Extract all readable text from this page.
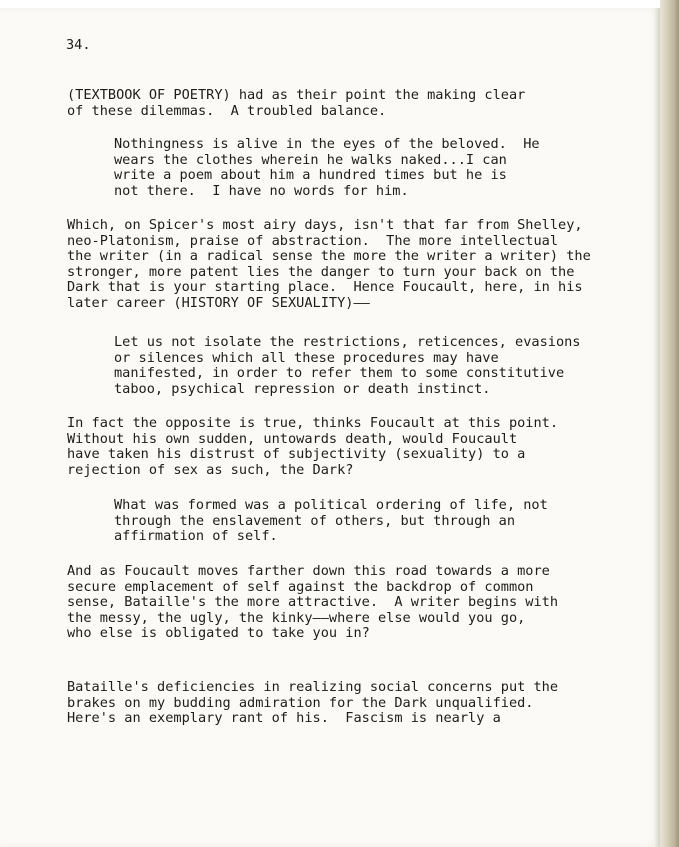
34.
(TEXTBOOK OF POETRY) had as their point the making clear
of these dilemmas.  A troubled balance.
Nothingness is alive in the eyes of the beloved.  He
wears the clothes wherein he walks naked...I can
write a poem about him a hundred times but he is
not there.  I have no words for him.
Which, on Spicer's most airy days, isn't that far from Shelley,
neo-Platonism, praise of abstraction.  The more intellectual
the writer (in a radical sense the more the writer a writer) the
stronger, more patent lies the danger to turn your back on the
Dark that is your starting place.  Hence Foucault, here, in his
later career (HISTORY OF SEXUALITY)——
Let us not isolate the restrictions, reticences, evasions
or silences which all these procedures may have
manifested, in order to refer them to some constitutive
taboo, psychical repression or death instinct.
In fact the opposite is true, thinks Foucault at this point.
Without his own sudden, untowards death, would Foucault
have taken his distrust of subjectivity (sexuality) to a
rejection of sex as such, the Dark?
What was formed was a political ordering of life, not
through the enslavement of others, but through an
affirmation of self.
And as Foucault moves farther down this road towards a more
secure emplacement of self against the backdrop of common
sense, Bataille's the more attractive.  A writer begins with
the messy, the ugly, the kinky——where else would you go,
who else is obligated to take you in?
Bataille's deficiencies in realizing social concerns put the
brakes on my budding admiration for the Dark unqualified.
Here's an exemplary rant of his.  Fascism is nearly a
